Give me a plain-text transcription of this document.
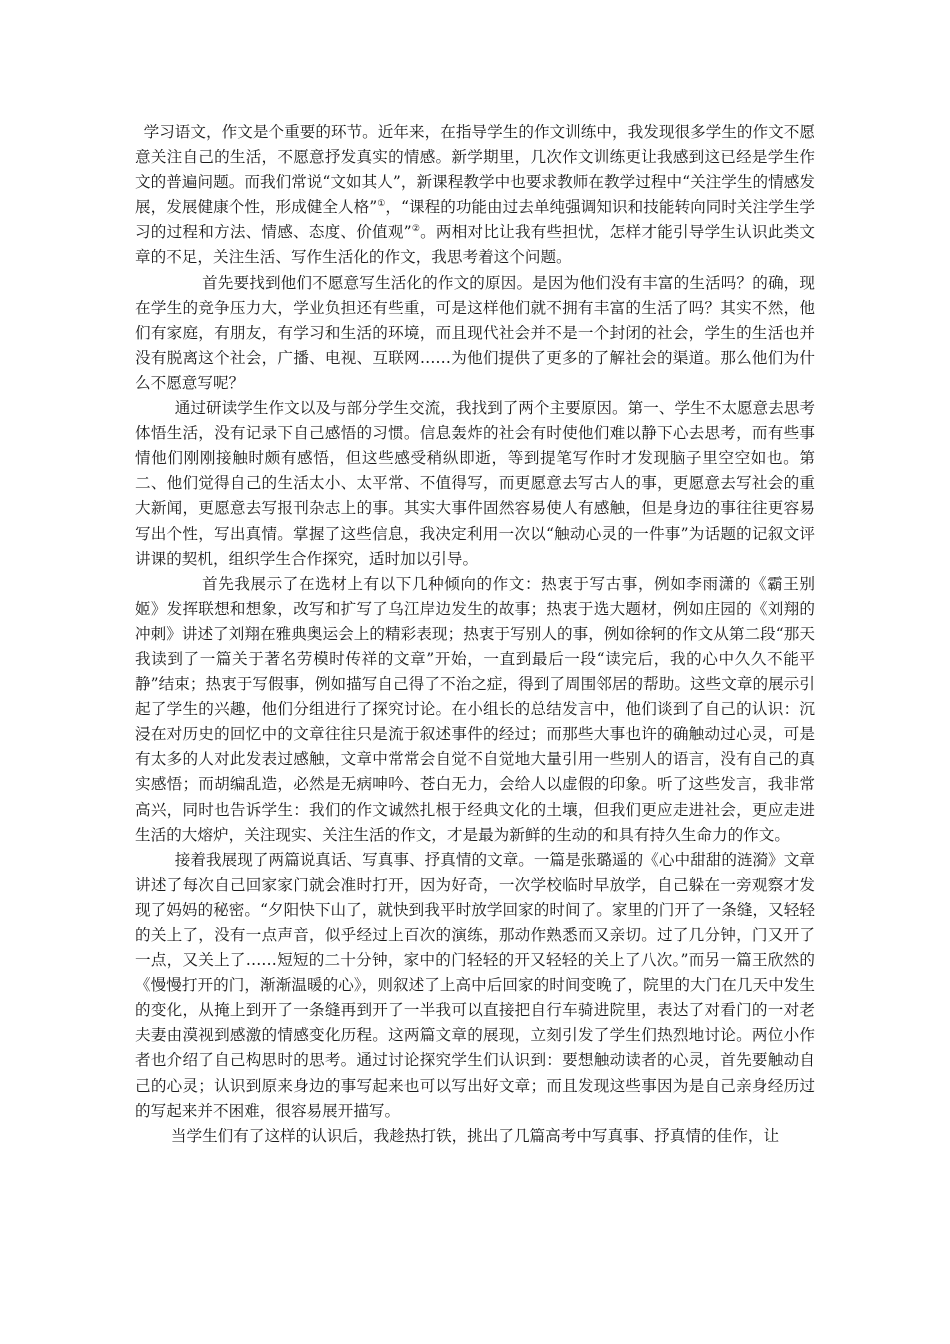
学习语文，作文是个重要的环节。近年来，在指导学生的作文训练中，我发现很多学生的作文不愿意关注自己的生活，不愿意抒发真实的情感。新学期里，几次作文训练更让我感到这已经是学生作文的普遍问题。而我们常说“文如其人”，新课程教学中也要求教师在教学过程中“关注学生的情感发展，发展健康个性，形成健全人格”①，“课程的功能由过去单纯强调知识和技能转向同时关注学生学习的过程和方法、情感、态度、价值观”②。两相对比让我有些担忧，怎样才能引导学生认识此类文章的不足，关注生活、写作生活化的作文，我思考着这个问题。

首先要找到他们不愿意写生活化的作文的原因。是因为他们没有丰富的生活吗？的确，现在学生的竞争压力大，学业负担还有些重，可是这样他们就不拥有丰富的生活了吗？其实不然，他们有家庭，有朋友，有学习和生活的环境，而且现代社会并不是一个封闭的社会，学生的生活也并没有脱离这个社会，广播、电视、互联网……为他们提供了更多的了解社会的渠道。那么他们为什么不愿意写呢？

通过研读学生作文以及与部分学生交流，我找到了两个主要原因。第一、学生不太愿意去思考体悟生活，没有记录下自己感悟的习惯。信息轰炸的社会有时使他们难以静下心去思考，而有些事情他们刚刚接触时颇有感悟，但这些感受稍纵即逝，等到提笔写作时才发现脑子里空空如也。第二、他们觉得自己的生活太小、太平常、不值得写，而更愿意去写古人的事，更愿意去写社会的重大新闻，更愿意去写报刊杂志上的事。其实大事件固然容易使人有感触，但是身边的事往往更容易写出个性，写出真情。掌握了这些信息，我决定利用一次以“触动心灵的一件事”为话题的记叙文评讲课的契机，组织学生合作探究，适时加以引导。

首先我展示了在选材上有以下几种倾向的作文：热衷于写古事，例如李雨潇的《霸王别姬》发挥联想和想象，改写和扩写了乌江岸边发生的故事；热衷于选大题材，例如庄园的《刘翔的冲刺》讲述了刘翔在雅典奥运会上的精彩表现；热衷于写别人的事，例如徐轲的作文从第二段“那天我读到了一篇关于著名劳模时传祥的文章”开始，一直到最后一段“读完后，我的心中久久不能平静”结束；热衷于写假事，例如描写自己得了不治之症，得到了周围邻居的帮助。这些文章的展示引起了学生的兴趣，他们分组进行了探究讨论。在小组长的总结发言中，他们谈到了自己的认识：沉浸在对历史的回忆中的文章往往只是流于叙述事件的经过；而那些大事也许的确触动过心灵，可是有太多的人对此发表过感触，文章中常常会自觉不自觉地大量引用一些别人的语言，没有自己的真实感悟；而胡编乱造，必然是无病呻吟、苍白无力，会给人以虚假的印象。听了这些发言，我非常高兴，同时也告诉学生：我们的作文诚然扎根于经典文化的土壤，但我们更应走进社会，更应走进生活的大熔炉，关注现实、关注生活的作文，才是最为新鲜的生动的和具有持久生命力的作文。

接着我展现了两篇说真话、写真事、抒真情的文章。一篇是张璐遥的《心中甜甜的涟漪》文章讲述了每次自己回家家门就会准时打开，因为好奇，一次学校临时早放学，自己躲在一旁观察才发现了妈妈的秘密。“夕阳快下山了，就快到我平时放学回家的时间了。家里的门开了一条缝，又轻轻的关上了，没有一点声音，似乎经过上百次的演练，那动作熟悉而又亲切。过了几分钟，门又开了一点，又关上了……短短的二十分钟，家中的门轻轻的开又轻轻的关上了八次。”而另一篇王欣然的《慢慢打开的门，渐渐温暖的心》，则叙述了上高中后回家的时间变晚了，院里的大门在几天中发生的变化，从掩上到开了一条缝再到开了一半我可以直接把自行车骑进院里，表达了对看门的一对老夫妻由漠视到感激的情感变化历程。这两篇文章的展现，立刻引发了学生们热烈地讨论。两位小作者也介绍了自己构思时的思考。通过讨论探究学生们认识到：要想触动读者的心灵，首先要触动自己的心灵；认识到原来身边的事写起来也可以写出好文章；而且发现这些事因为是自己亲身经历过的写起来并不困难，很容易展开描写。

当学生们有了这样的认识后，我趁热打铁，挑出了几篇高考中写真事、抒真情的佳作，让
